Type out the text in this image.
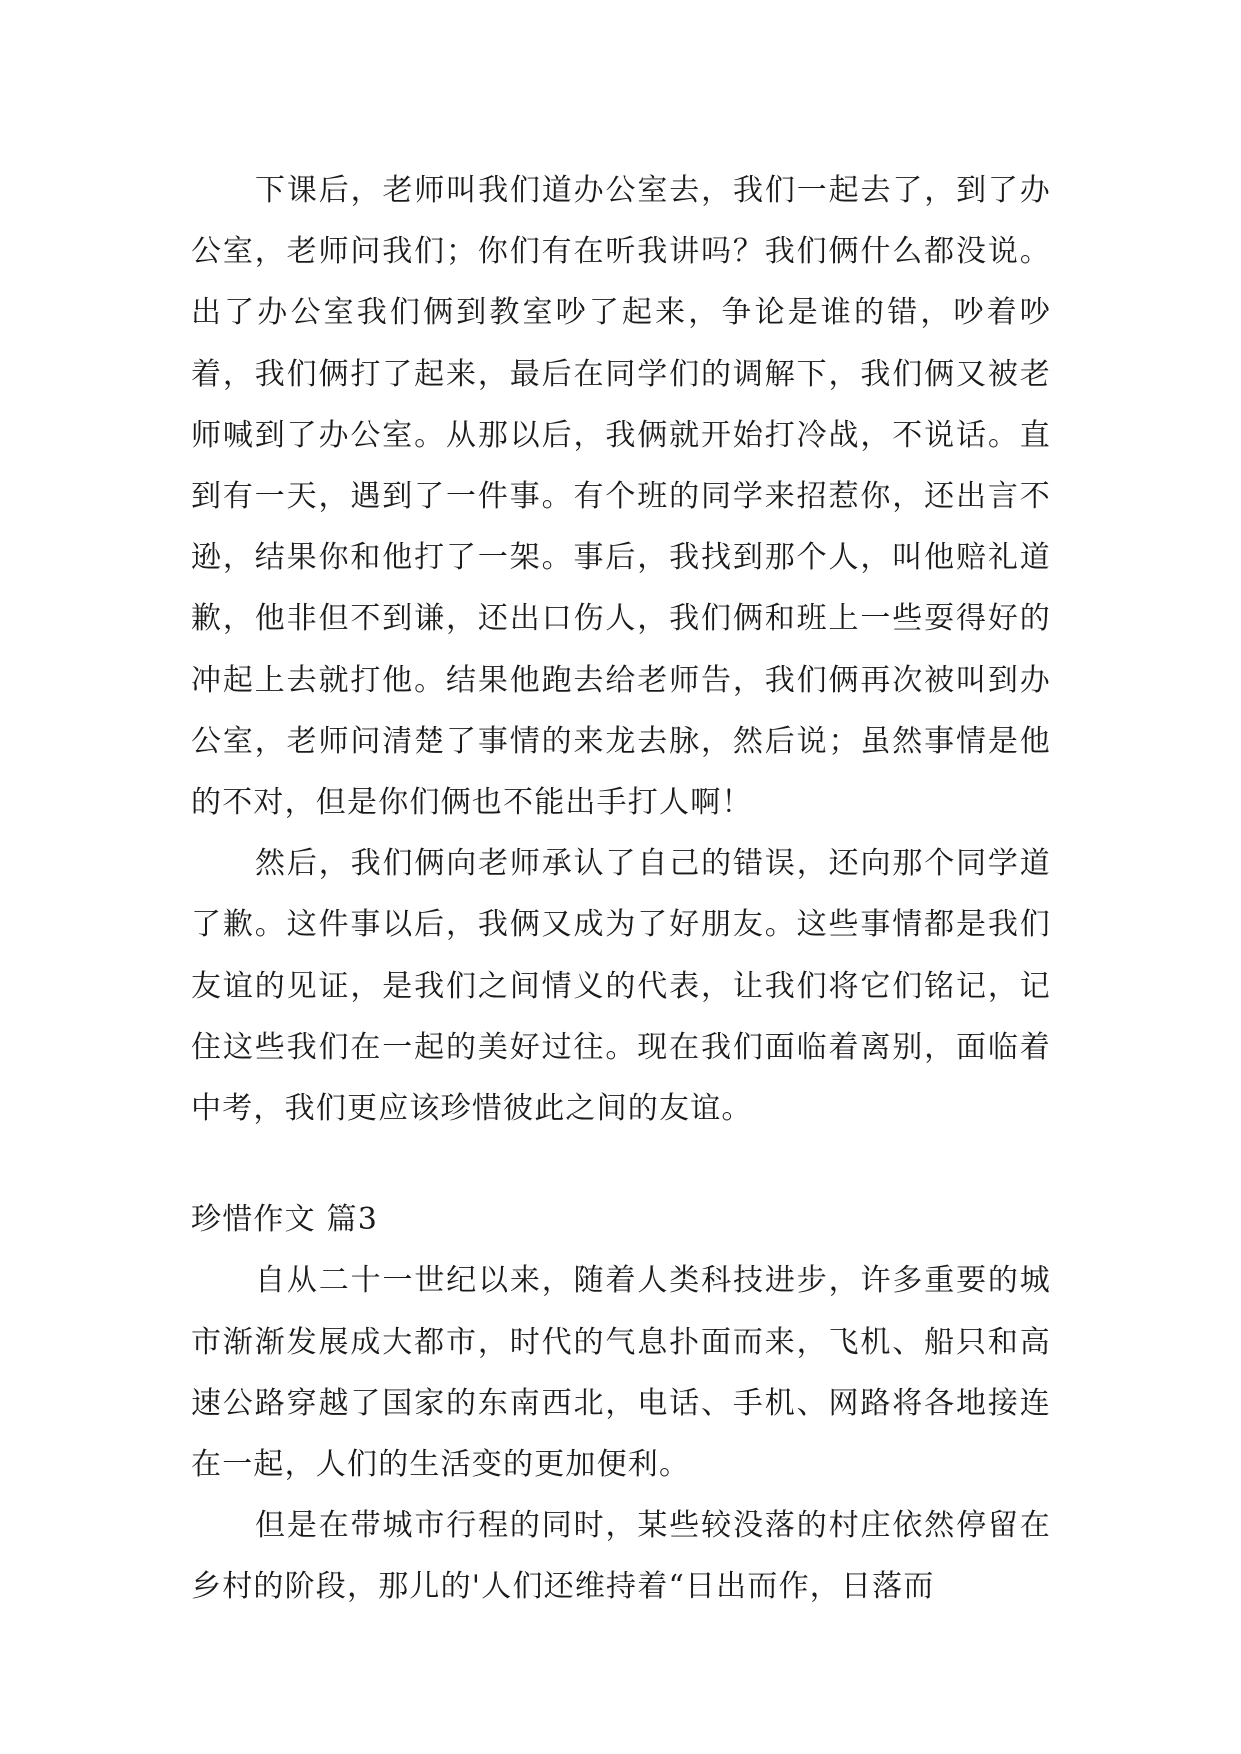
下课后，老师叫我们道办公室去，我们一起去了，到了办公室，老师问我们；你们有在听我讲吗？我们俩什么都没说。出了办公室我们俩到教室吵了起来，争论是谁的错，吵着吵着，我们俩打了起来，最后在同学们的调解下，我们俩又被老师喊到了办公室。从那以后，我俩就开始打冷战，不说话。直到有一天，遇到了一件事。有个班的同学来招惹你，还出言不逊，结果你和他打了一架。事后，我找到那个人，叫他赔礼道歉，他非但不到谦，还出口伤人，我们俩和班上一些耍得好的冲起上去就打他。结果他跑去给老师告，我们俩再次被叫到办公室，老师问清楚了事情的来龙去脉，然后说；虽然事情是他的不对，但是你们俩也不能出手打人啊！

然后，我们俩向老师承认了自己的错误，还向那个同学道了歉。这件事以后，我俩又成为了好朋友。这些事情都是我们友谊的见证，是我们之间情义的代表，让我们将它们铭记，记住这些我们在一起的美好过往。现在我们面临着离别，面临着中考，我们更应该珍惜彼此之间的友谊。

珍惜作文 篇3

自从二十一世纪以来，随着人类科技进步，许多重要的城市渐渐发展成大都市，时代的气息扑面而来，飞机、船只和高速公路穿越了国家的东南西北，电话、手机、网路将各地接连在一起，人们的生活变的更加便利。

但是在带城市行程的同时，某些较没落的村庄依然停留在乡村的阶段，那儿的'人们还维持着“日出而作，日落而
